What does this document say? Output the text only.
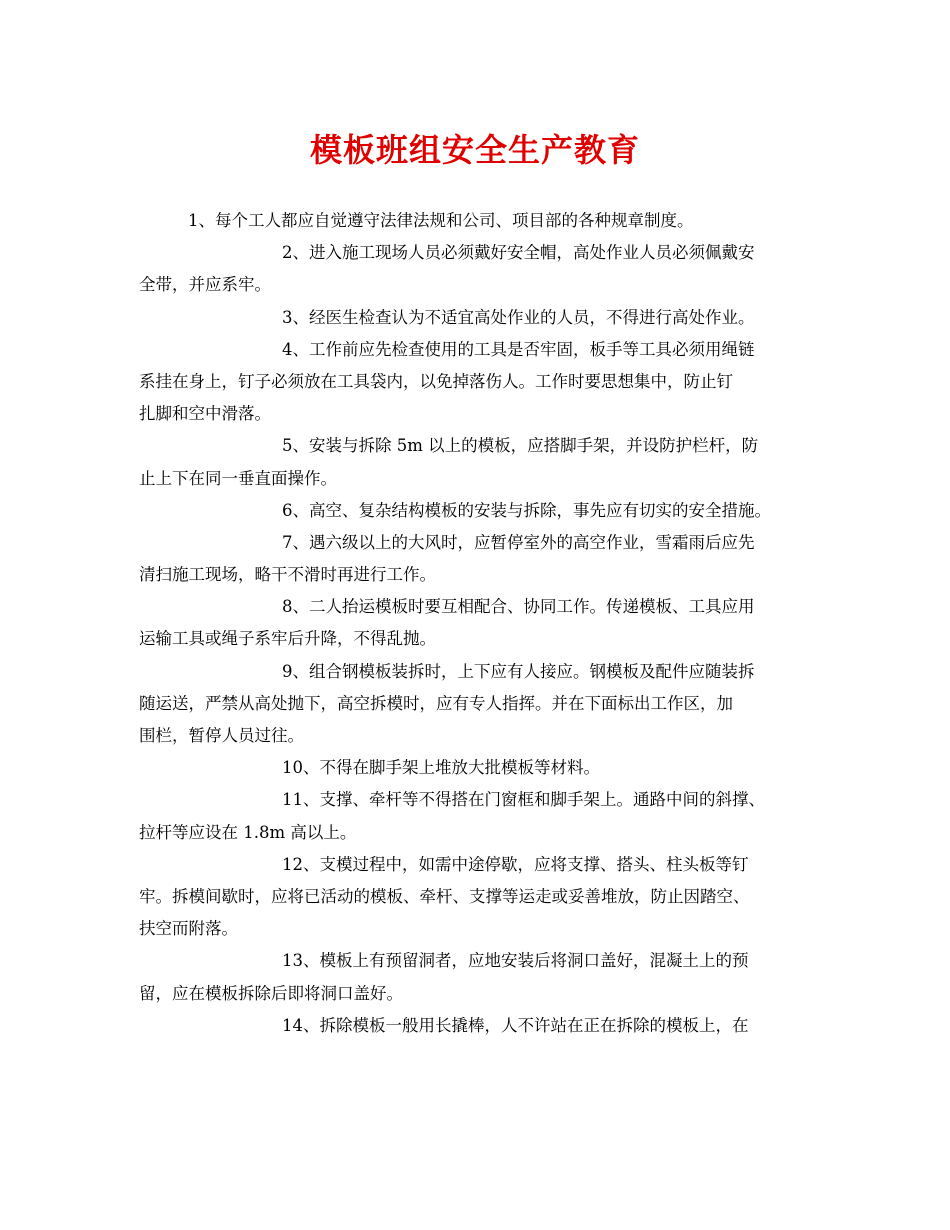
模板班组安全生产教育
1、每个工人都应自觉遵守法律法规和公司、项目部的各种规章制度。
2、进入施工现场人员必须戴好安全帽，高处作业人员必须佩戴安
全带，并应系牢。
3、经医生检查认为不适宜高处作业的人员，不得进行高处作业。
4、工作前应先检查使用的工具是否牢固，板手等工具必须用绳链
系挂在身上，钉子必须放在工具袋内，以免掉落伤人。工作时要思想集中，防止钉
扎脚和空中滑落。
5、安装与拆除 5m 以上的模板，应搭脚手架，并设防护栏杆，防
止上下在同一垂直面操作。
6、高空、复杂结构模板的安装与拆除，事先应有切实的安全措施。
7、遇六级以上的大风时，应暂停室外的高空作业，雪霜雨后应先
清扫施工现场，略干不滑时再进行工作。
8、二人抬运模板时要互相配合、协同工作。传递模板、工具应用
运输工具或绳子系牢后升降，不得乱抛。
9、组合钢模板装拆时，上下应有人接应。钢模板及配件应随装拆
随运送，严禁从高处抛下，高空拆模时，应有专人指挥。并在下面标出工作区，加
围栏，暂停人员过往。
10、不得在脚手架上堆放大批模板等材料。
11、支撑、牵杆等不得搭在门窗框和脚手架上。通路中间的斜撑、
拉杆等应设在 1.8m 高以上。
12、支模过程中，如需中途停歇，应将支撑、搭头、柱头板等钉
牢。拆模间歇时，应将已活动的模板、牵杆、支撑等运走或妥善堆放，防止因踏空、
扶空而附落。
13、模板上有预留洞者，应地安装后将洞口盖好，混凝土上的预
留，应在模板拆除后即将洞口盖好。
14、拆除模板一般用长撬棒，人不许站在正在拆除的模板上，在
